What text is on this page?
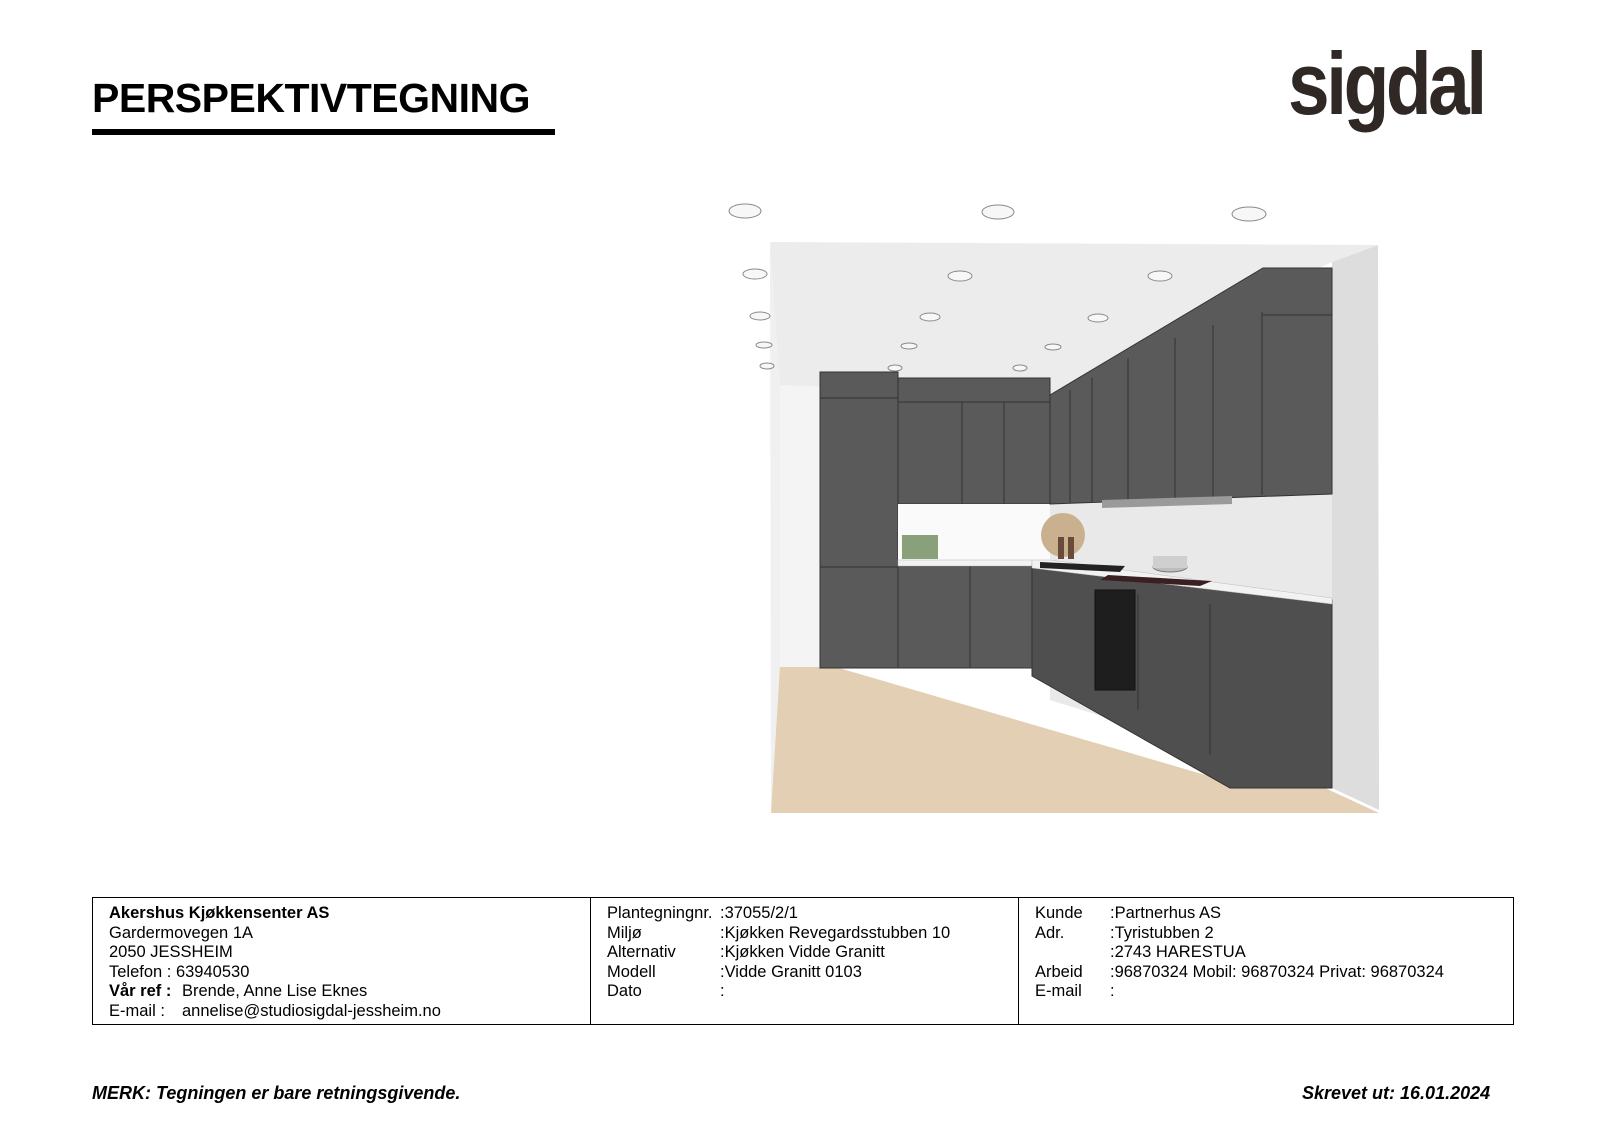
PERSPEKTIVTEGNING	sigdal
Akershus Kjøkkensenter AS
Gardermovegen 1A
2050 JESSHEIM
Telefon : 63940530
Vår ref : Brende, Anne Lise Eknes
E-mail :	annelise@studiosigdal-jessheim.no
Plantegningnr. :37055/2/1
Miljø	:Kjøkken Revegardsstubben 10
Alternativ	:Kjøkken Vidde Granitt
Modell	:Vidde Granitt 0103
Dato	:
Kunde	:Partnerhus AS
Adr.	:Tyristubben 2
:2743 HARESTUA
Arbeid	:96870324 Mobil: 96870324 Privat: 96870324
E-mail	:
MERK: Tegningen er bare retningsgivende.	Skrevet ut: 16.01.2024
